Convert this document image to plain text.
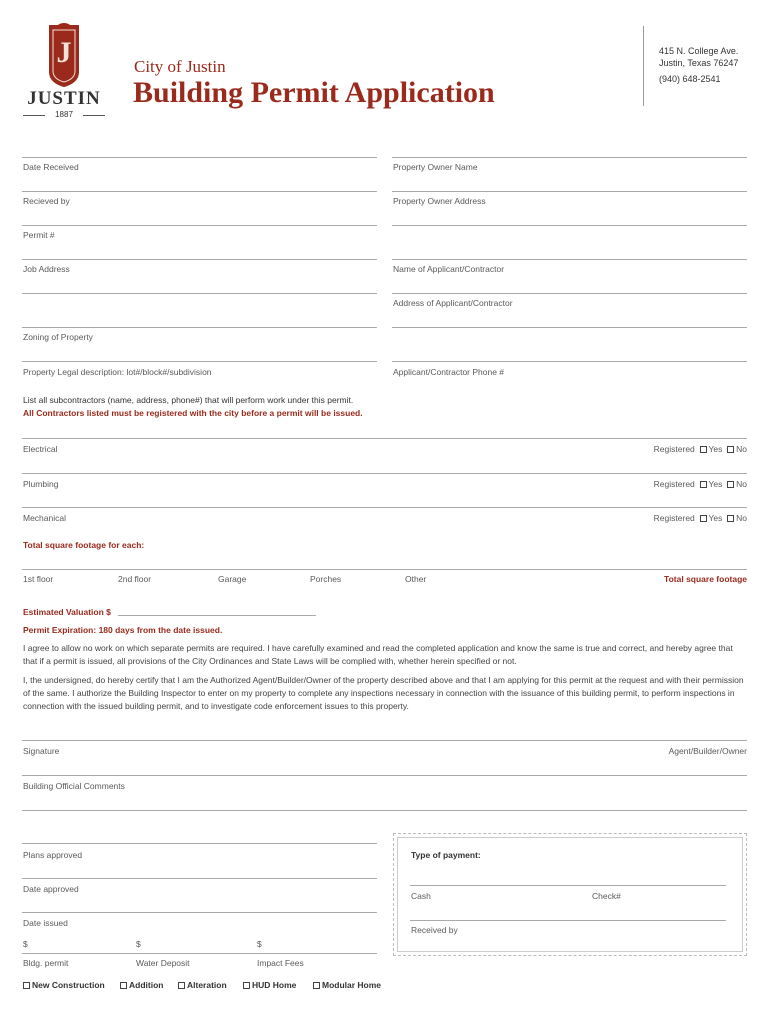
J
JUSTIN
1887
City of Justin
Building Permit Application
415 N. College Ave.
Justin, Texas 76247
(940) 648-2541
Date Received	Property Owner Name
Recieved by	Property Owner Address
Permit #
Job Address	Name of Applicant/Contractor
Address of Applicant/Contractor
Zoning of Property
Property Legal description: lot#/block#/subdivision	Applicant/Contractor Phone #
List all subcontractors (name, address, phone#) that will perform work under this permit.
All Contractors listed must be registered with the city before a permit will be issued.
Electrical	Registered Yes No
Plumbing	Registered Yes No
Mechanical	Registered Yes No
Total square footage for each:
1st floor	2nd floor	Garage	Porches	Other	Total square footage
Estimated Valuation $
Permit Expiration: 180 days from the date issued.
I agree to allow no work on which separate permits are required. I have carefully examined and read the completed application and know the same is true and correct, and hereby agree that that if a permit is issued, all provisions of the City Ordinances and State Laws will be complied with, whether herein specified or not.
I, the undersigned, do hereby certify that I am the Authorized Agent/Builder/Owner of the property described above and that I am applying for this permit at the request and with their permission of the same. I authorize the Building Inspector to enter on my property to complete any inspections necessary in connection with the issuance of this building permit, to perform inspections in connection with the issued building permit, and to investigate code enforcement issues to this property.
Signature	Agent/Builder/Owner
Building Official Comments
Plans approved
Date approved
Date issued
$	$	$
Bldg. permit	Water Deposit	Impact Fees
Type of payment:
Cash	Check#
Received by
New Construction	Addition	Alteration	HUD Home	Modular Home
